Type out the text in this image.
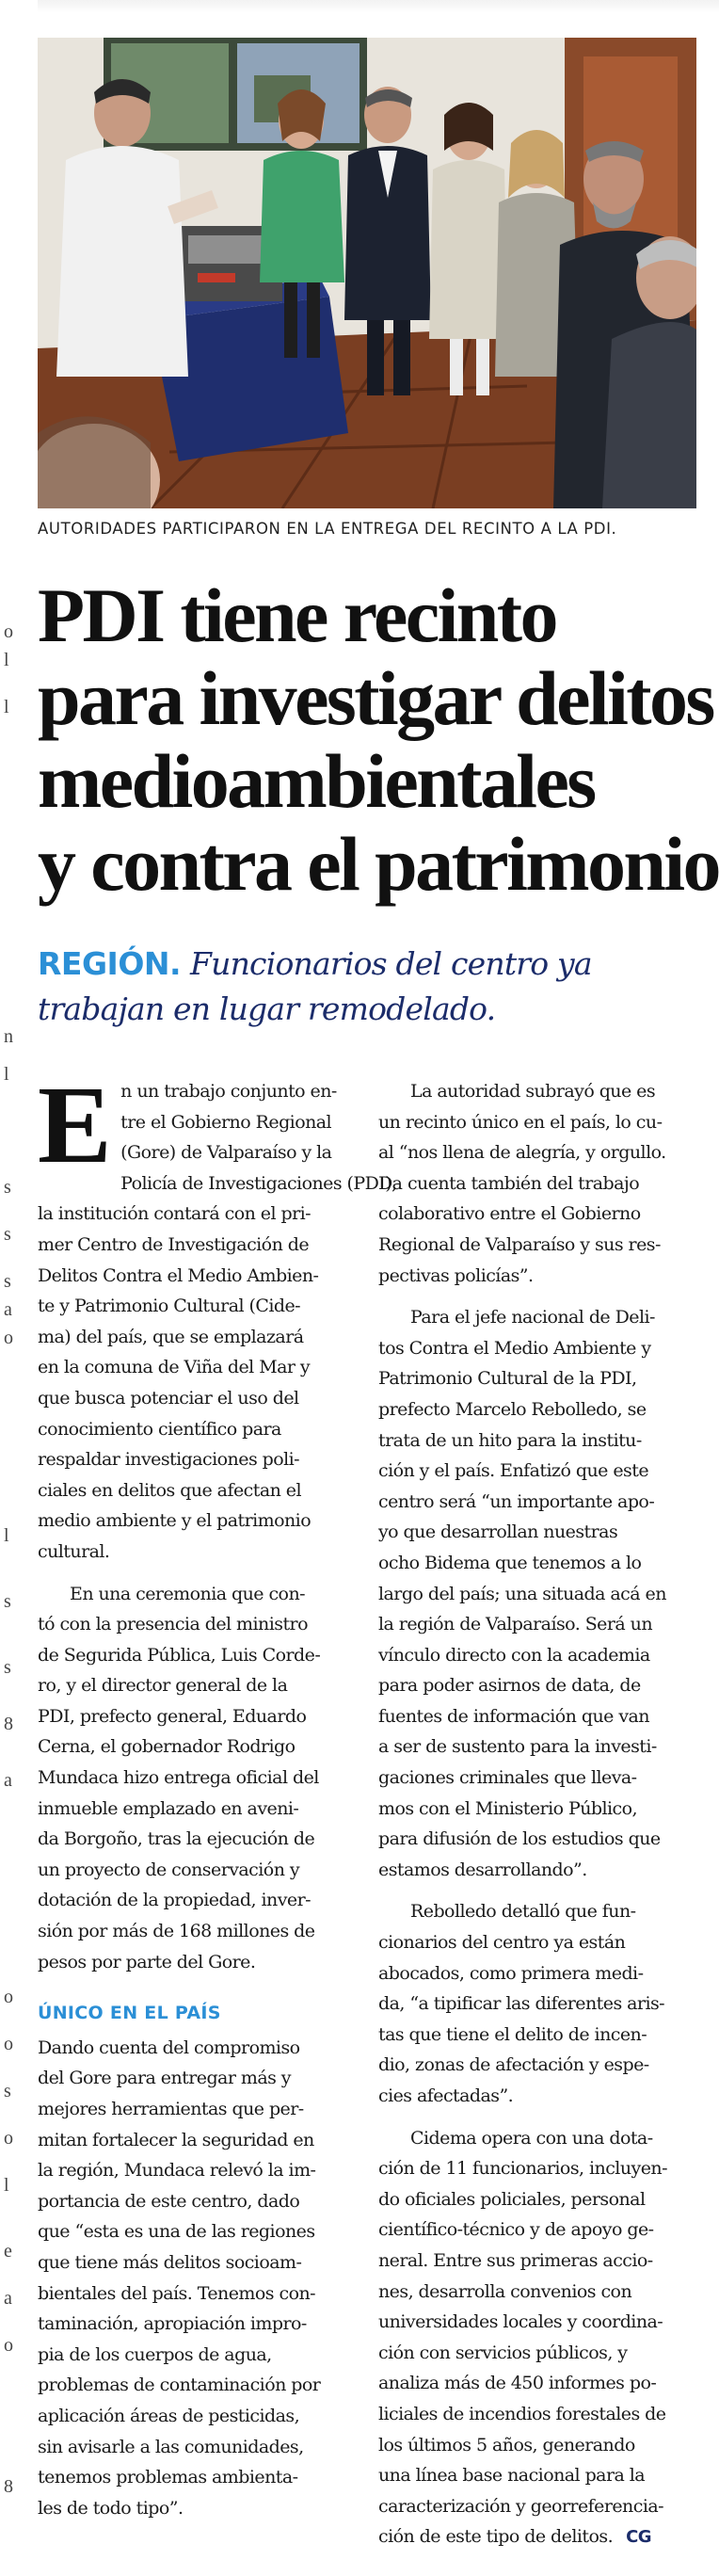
o
l
l
n
l
s
s
s
a
o
l
s
s
8
a
o
o
s
o
l
e
a
o
8
AUTORIDADES PARTICIPARON EN LA ENTREGA DEL RECINTO A LA PDI.
PDI tiene recinto
para investigar delitos
medioambientales
y contra el patrimonio
REGIÓN. Funcionarios del centro ya
trabajan en lugar remodelado.

E n un trabajo conjunto en-
tre el Gobierno Regional
(Gore) de Valparaíso y la
Policía de Investigaciones (PDI),
la institución contará con el pri-
mer Centro de Investigación de
Delitos Contra el Medio Ambien-
te y Patrimonio Cultural (Cide-
ma) del país, que se emplazará
en la comuna de Viña del Mar y
que busca potenciar el uso del
conocimiento científico para
respaldar investigaciones poli-
ciales en delitos que afectan el
medio ambiente y el patrimonio
cultural.

En una ceremonia que con-
tó con la presencia del ministro
de Segurida Pública, Luis Corde-
ro, y el director general de la
PDI, prefecto general, Eduardo
Cerna, el gobernador Rodrigo
Mundaca hizo entrega oficial del
inmueble emplazado en aveni-
da Borgoño, tras la ejecución de
un proyecto de conservación y
dotación de la propiedad, inver-
sión por más de 168 millones de
pesos por parte del Gore.

ÚNICO EN EL PAÍS

Dando cuenta del compromiso
del Gore para entregar más y
mejores herramientas que per-
mitan fortalecer la seguridad en
la región, Mundaca relevó la im-
portancia de este centro, dado
que “esta es una de las regiones
que tiene más delitos socioam-
bientales del país. Tenemos con-
taminación, apropiación impro-
pia de los cuerpos de agua,
problemas de contaminación por
aplicación áreas de pesticidas,
sin avisarle a las comunidades,
tenemos problemas ambienta-
les de todo tipo”.

La autoridad subrayó que es
un recinto único en el país, lo cu-
al “nos llena de alegría, y orgullo.
Da cuenta también del trabajo
colaborativo entre el Gobierno
Regional de Valparaíso y sus res-
pectivas policías”.

Para el jefe nacional de Deli-
tos Contra el Medio Ambiente y
Patrimonio Cultural de la PDI,
prefecto Marcelo Rebolledo, se
trata de un hito para la institu-
ción y el país. Enfatizó que este
centro será “un importante apo-
yo que desarrollan nuestras
ocho Bidema que tenemos a lo
largo del país; una situada acá en
la región de Valparaíso. Será un
vínculo directo con la academia
para poder asirnos de data, de
fuentes de información que van
a ser de sustento para la investi-
gaciones criminales que lleva-
mos con el Ministerio Público,
para difusión de los estudios que
estamos desarrollando”.

Rebolledo detalló que fun-
cionarios del centro ya están
abocados, como primera medi-
da, “a tipificar las diferentes aris-
tas que tiene el delito de incen-
dio, zonas de afectación y espe-
cies afectadas”.

Cidema opera con una dota-
ción de 11 funcionarios, incluyen-
do oficiales policiales, personal
científico-técnico y de apoyo ge-
neral. Entre sus primeras accio-
nes, desarrolla convenios con
universidades locales y coordina-
ción con servicios públicos, y
analiza más de 450 informes po-
liciales de incendios forestales de
los últimos 5 años, generando
una línea base nacional para la
caracterización y georreferencia-
ción de este tipo de delitos. CG
